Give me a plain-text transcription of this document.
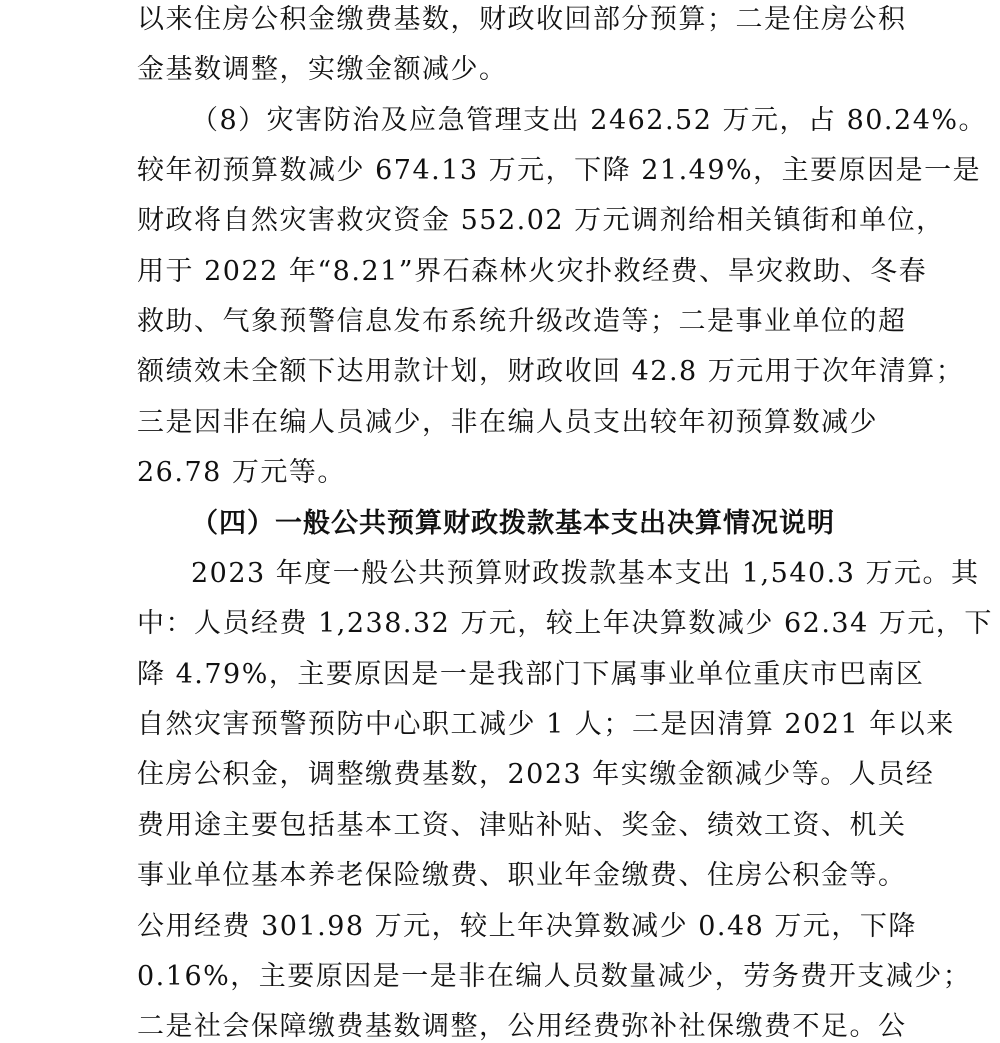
以来住房公积金缴费基数，财政收回部分预算；二是住房公积
金基数调整，实缴金额减少。
（8）灾害防治及应急管理支出 2462.52 万元，占 80.24%。
较年初预算数减少 674.13 万元，下降 21.49%，主要原因是一是
财政将自然灾害救灾资金 552.02 万元调剂给相关镇街和单位，
用于 2022 年“8.21”界石森林火灾扑救经费、旱灾救助、冬春
救助、气象预警信息发布系统升级改造等；二是事业单位的超
额绩效未全额下达用款计划，财政收回 42.8 万元用于次年清算；
三是因非在编人员减少，非在编人员支出较年初预算数减少
26.78 万元等。
（四）一般公共预算财政拨款基本支出决算情况说明
2023 年度一般公共预算财政拨款基本支出 1,540.3 万元。其
中：人员经费 1,238.32 万元，较上年决算数减少 62.34 万元，下
降 4.79%，主要原因是一是我部门下属事业单位重庆市巴南区
自然灾害预警预防中心职工减少 1 人；二是因清算 2021 年以来
住房公积金，调整缴费基数，2023 年实缴金额减少等。人员经
费用途主要包括基本工资、津贴补贴、奖金、绩效工资、机关
事业单位基本养老保险缴费、职业年金缴费、住房公积金等。
公用经费 301.98 万元，较上年决算数减少 0.48 万元，下降
0.16%，主要原因是一是非在编人员数量减少，劳务费开支减少；
二是社会保障缴费基数调整，公用经费弥补社保缴费不足。公
